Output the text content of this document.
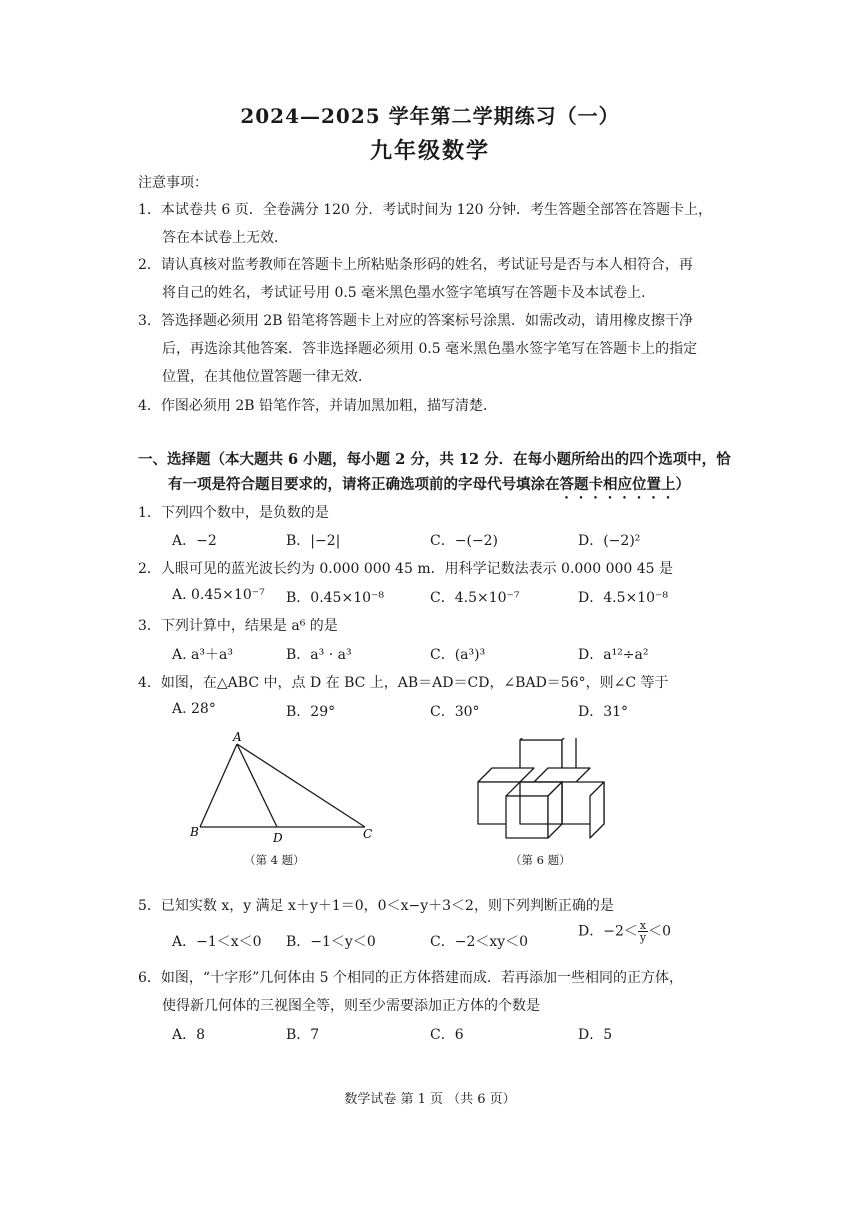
2024—2025 学年第二学期练习（一）
九年级数学
注意事项：
1．本试卷共 6 页．全卷满分 120 分．考试时间为 120 分钟．考生答题全部答在答题卡上，
答在本试卷上无效．
2．请认真核对监考教师在答题卡上所粘贴条形码的姓名，考试证号是否与本人相符合，再
将自己的姓名，考试证号用 0.5 毫米黑色墨水签字笔填写在答题卡及本试卷上．
3．答选择题必须用 2B 铅笔将答题卡上对应的答案标号涂黑．如需改动，请用橡皮擦干净
后，再选涂其他答案．答非选择题必须用 0.5 毫米黑色墨水签字笔写在答题卡上的指定
位置，在其他位置答题一律无效．
4．作图必须用 2B 铅笔作答，并请加黑加粗，描写清楚．
一、选择题（本大题共 6 小题，每小题 2 分，共 12 分．在每小题所给出的四个选项中，恰
有一项是符合题目要求的，请将正确选项前的字母代号填涂在答题卡相应位置上）
1．下列四个数中，是负数的是
A．−2	B．|−2|	C．−(−2)	D．(−2)²
2．人眼可见的蓝光波长约为 0.000 000 45 m．用科学记数法表示 0.000 000 45 是
A. 0.45×10⁻⁷ B．0.45×10⁻⁸	C．4.5×10⁻⁷	D．4.5×10⁻⁸
3．下列计算中，结果是 a⁶ 的是
A. a³＋a³	B．a³ · a³	C．(a³)³	D．a¹²÷a²
4．如图，在△ABC 中，点 D 在 BC 上，AB＝AD＝CD，∠BAD＝56°，则∠C 等于
A. 28°	B．29°	C．30°	D．31°
A
B	D	C
（第 4 题）	（第 6 题）
5．已知实数 x，y 满足 x＋y＋1＝0，0＜x−y＋3＜2，则下列判断正确的是
A．−1＜x＜0 B．−1＜y＜0	C．−2＜xy＜0
D．$-2< \frac{x}{y} <0$
6．如图，“十字形”几何体由 5 个相同的正方体搭建而成．若再添加一些相同的正方体，
使得新几何体的三视图全等，则至少需要添加正方体的个数是
A．8	B．7	C．6	D．5
数学试卷 第 1 页 （共 6 页）
